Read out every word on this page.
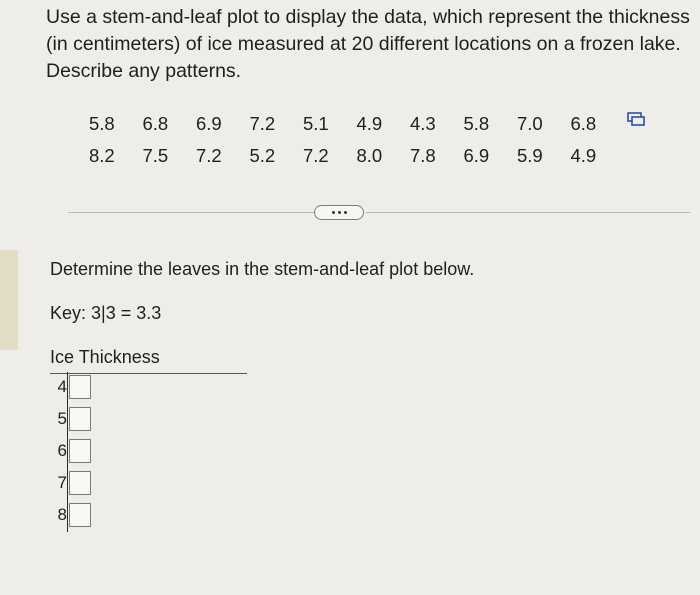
Use a stem-and-leaf plot to display the data, which represent the thickness (in centimeters) of ice measured at 20 different locations on a frozen lake. Describe any patterns.
5.8	6.8	6.9	7.2	5.1	4.9	4.3	5.8	7.0	6.8
8.2	7.5	7.2	5.2	7.2	8.0	7.8	6.9	5.9	4.9
Determine the leaves in the stem-and-leaf plot below.
Key: 3|3 = 3.3
Ice Thickness
4
5
6
7
8
